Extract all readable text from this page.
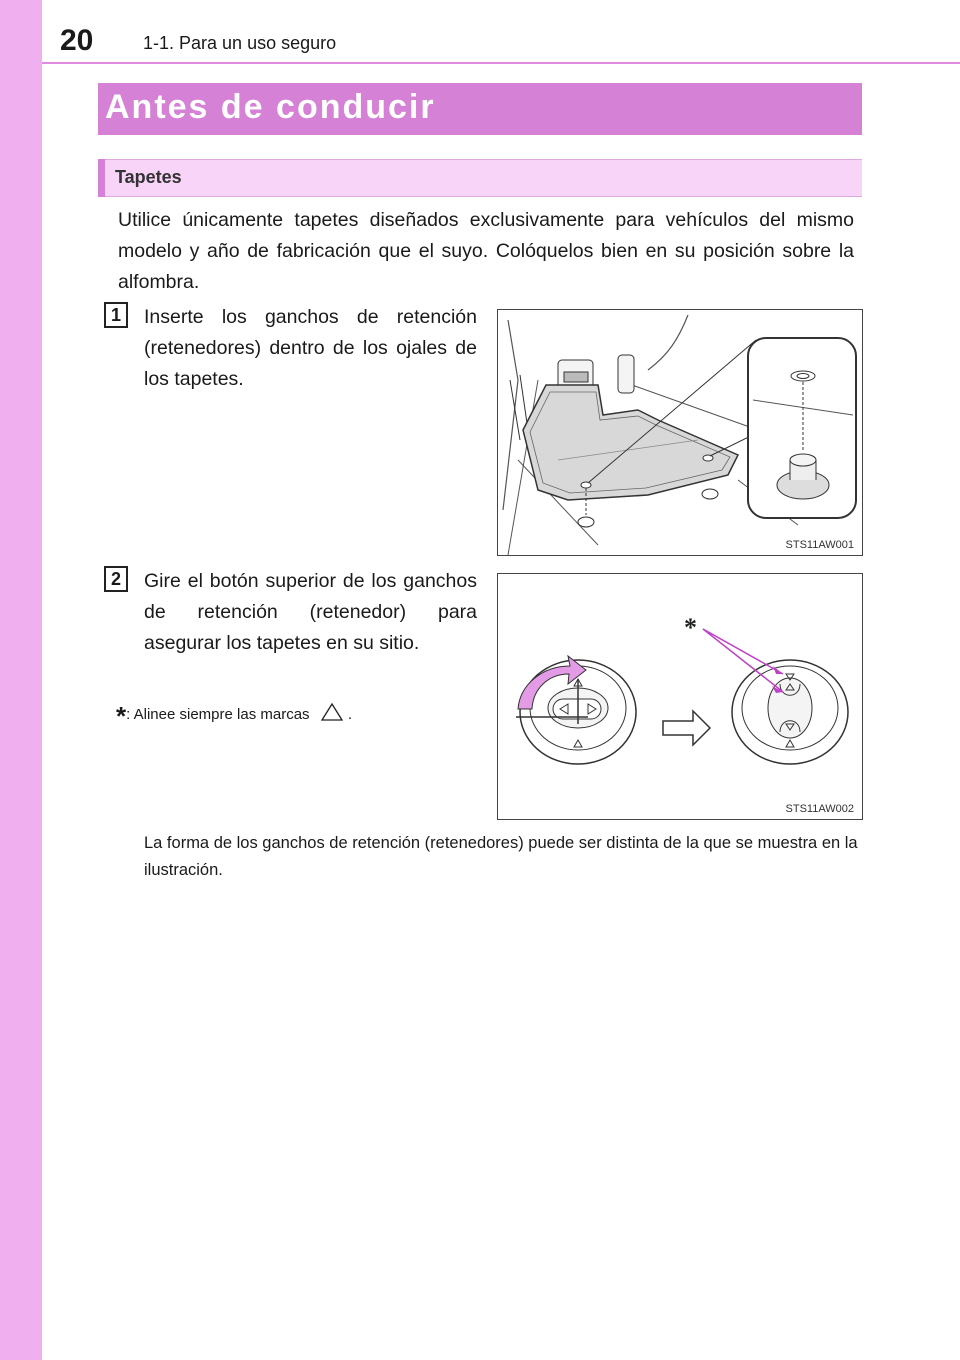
20	1-1. Para un uso seguro
Antes de conducir
Tapetes

Utilice únicamente tapetes diseñados exclusivamente para vehículos del mismo modelo y año de fabricación que el suyo. Colóquelos bien en su posición sobre la alfombra.

1	Inserte los ganchos de retención (retenedores) dentro de los ojales de los tapetes.

STS11AW001
2	Gire el botón superior de los ganchos de retención (retenedor) para asegurar los tapetes en su sitio.

*: Alinee siempre las marcas	.
*
STS11AW002

La forma de los ganchos de retención (retenedores) puede ser distinta de la que se muestra en la ilustración.
